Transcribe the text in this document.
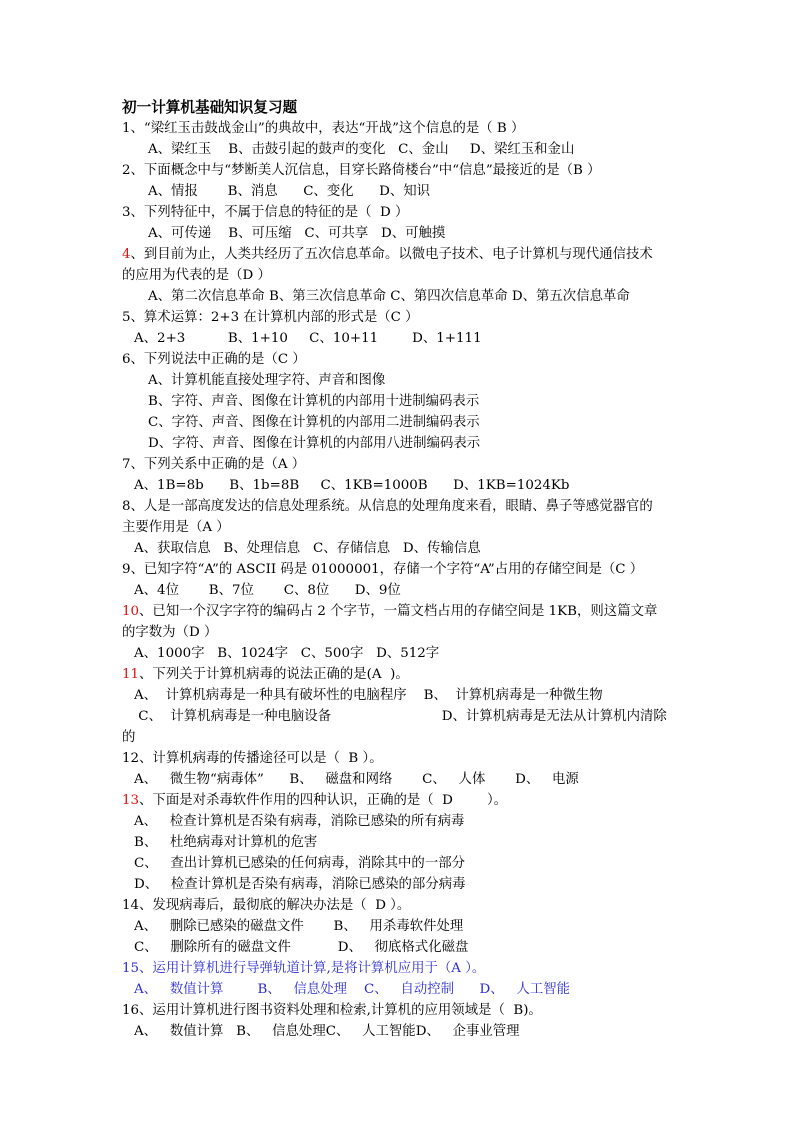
初一计算机基础知识复习题
1、“梁红玉击鼓战金山”的典故中，表达“开战”这个信息的是（ B ）
A、梁红玉    B、击鼓引起的鼓声的变化   C、金山     D、梁红玉和金山
2、下面概念中与“梦断美人沉信息，目穿长路倚楼台”中“信息”最接近的是（B ）
A、情报       B、消息      C、变化      D、知识
3、下列特征中，不属于信息的特征的是（  D ）
A、可传递    B、可压缩   C、可共享   D、可触摸
4、到目前为止，人类共经历了五次信息革命。以微电子技术、电子计算机与现代通信技术
的应用为代表的是（D ）
A、第二次信息革命 B、第三次信息革命 C、第四次信息革命 D、第五次信息革命
5、算术运算：2+3 在计算机内部的形式是（C ）
A、2+3          B、1+10     C、10+11        D、1+111
6、下列说法中正确的是（C ）
A、计算机能直接处理字符、声音和图像
B、字符、声音、图像在计算机的内部用十进制编码表示
C、字符、声音、图像在计算机的内部用二进制编码表示
D、字符、声音、图像在计算机的内部用八进制编码表示
7、下列关系中正确的是（A ）
A、1B=8b      B、1b=8B     C、1KB=1000B      D、1KB=1024Kb
8、人是一部高度发达的信息处理系统。从信息的处理角度来看，眼睛、鼻子等感觉器官的
主要作用是（A ）
A、获取信息   B、处理信息   C、存储信息   D、传输信息
9、已知字符“A”的 ASCII 码是 01000001，存储一个字符“A”占用的存储空间是（C ）
A、4位       B、7位       C、8位      D、9位
10、已知一个汉字字符的编码占 2 个字节，一篇文档占用的存储空间是 1KB，则这篇文章
的字数为（D ）
A、1000字   B、1024字   C、500字   D、512字
11、下列关于计算机病毒的说法正确的是(A  )。
A、  计算机病毒是一种具有破坏性的电脑程序    B、  计算机病毒是一种微生物
C、  计算机病毒是一种电脑设备                          D、计算机病毒是无法从计算机内清除
的
12、计算机病毒的传播途径可以是（  B ）。
A、   微生物“病毒体”      B、   磁盘和网络       C、   人体       D、   电源
13、下面是对杀毒软件作用的四种认识，正确的是（  D        ）。
A、   检查计算机是否染有病毒，消除已感染的所有病毒
B、   杜绝病毒对计算机的危害
C、   查出计算机已感染的任何病毒，消除其中的一部分
D、   检查计算机是否染有病毒，消除已感染的部分病毒
14、发现病毒后，最彻底的解决办法是（  D ）。
A、   删除已感染的磁盘文件       B、   用杀毒软件处理
C、   删除所有的磁盘文件           D、   彻底格式化磁盘
15、运用计算机进行导弹轨道计算,是将计算机应用于（A ）。
A、   数值计算        B、   信息处理    C、   自动控制      D、   人工智能
16、运用计算机进行图书资料处理和检索,计算机的应用领域是（  B)。
A、   数值计算   B、   信息处理C、   人工智能D、   企事业管理
